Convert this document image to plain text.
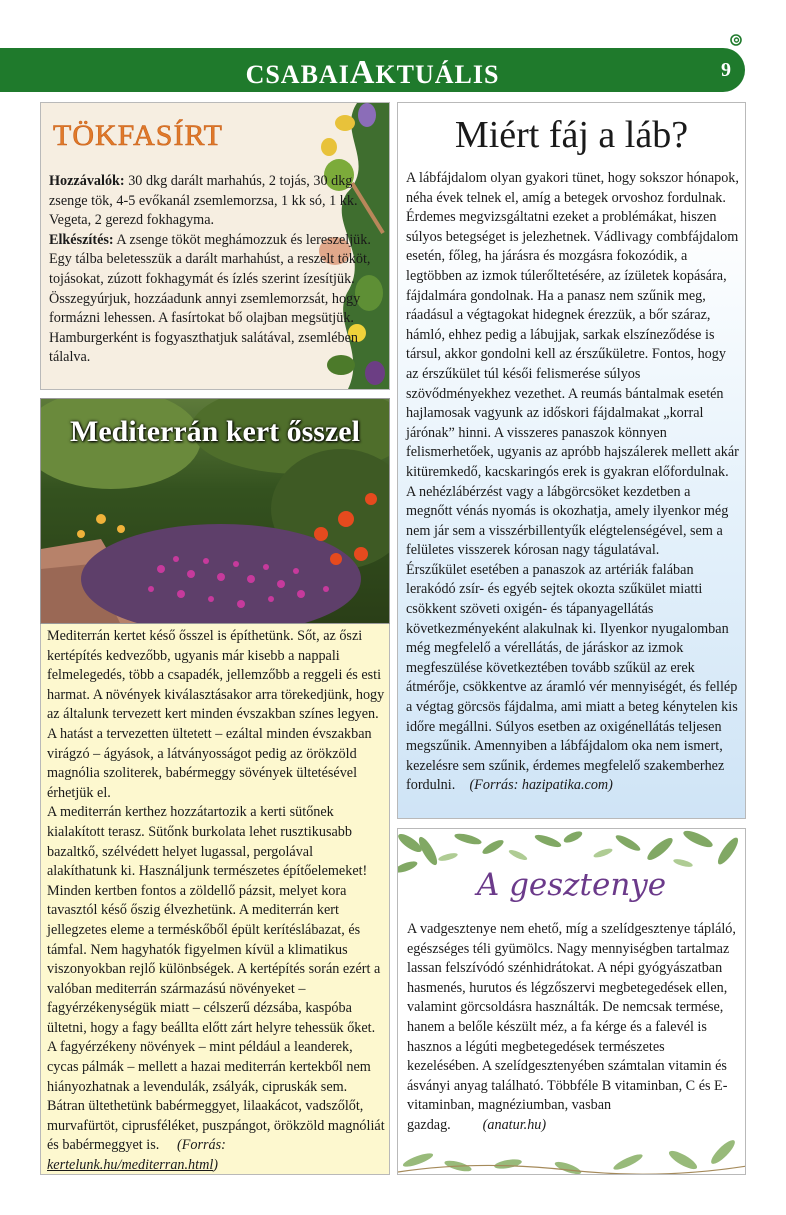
CSABAIAKTUÁLIS	9
TÖKFASÍRT

Hozzávalók: 30 dkg darált marhahús, 2 tojás, 30 dkg zsenge tök, 4-5 evőkanál zsemlemorzsa, 1 kk só, 1 kk. Vegeta, 2 gerezd fokhagyma.

Elkészítés: A zsenge tököt meghámozzuk és lereszeljük. Egy tálba beletesszük a darált marhahúst, a reszelt tököt, tojásokat, zúzott fokhagymát és ízlés szerint ízesítjük. Összegyúrjuk, hozzáadunk annyi zsemlemorzsát, hogy formázni lehessen. A fasírtokat bő olajban megsütjük. Hamburgerként is fogyaszthatjuk salátával, zsemlében tálalva.

Mediterrán kert ősszel

Mediterrán kertet késő ősszel is építhetünk. Sőt, az őszi kertépítés kedvezőbb, ugyanis már kisebb a nappali felmelegedés, több a csapadék, jellemzőbb a reggeli és esti harmat. A növények kiválasztásakor arra törekedjünk, hogy az általunk tervezett kert minden évszakban színes legyen. A hatást a tervezetten ültetett – ezáltal minden évszakban virágzó – ágyások, a látványosságot pedig az örökzöld magnólia szoliterek, babérmeggy sövények ültetésével érhetjük el.

A mediterrán kerthez hozzátartozik a kerti sütőnek kialakított terasz. Sütőnk burkolata lehet rusztikusabb bazaltkő, szélvédett helyet lugassal, pergolával alakíthatunk ki. Használjunk természetes építőelemeket! Minden kertben fontos a zöldellő pázsit, melyet kora tavasztól késő őszig élvezhetünk. A mediterrán kert jellegzetes eleme a terméskőből épült kerítéslábazat, és támfal. Nem hagyhatók figyelmen kívül a klimatikus viszonyokban rejlő különbségek. A kertépítés során ezért a valóban mediterrán származású növényeket – fagyérzékenységük miatt – célszerű dézsába, kaspóba ültetni, hogy a fagy beállta előtt zárt helyre tehessük őket. A fagyérzékeny növények – mint például a leanderek, cycas pálmák – mellett a hazai mediterrán kertekből nem hiányozhatnak a levendulák, zsályák, cipruskák sem. Bátran ültethetünk babérmeggyet, lilaakácot, vadszőlőt, murvafürtöt, ciprusféléket, puszpángot, örökzöld magnóliát és babérmeggyet is. (Forrás: kertelunk.hu/mediterran.html)

Miért fáj a láb?

A lábfájdalom olyan gyakori tünet, hogy sokszor hónapok, néha évek telnek el, amíg a betegek orvoshoz fordulnak. Érdemes megvizsgáltatni ezeket a problémákat, hiszen súlyos betegséget is jelezhetnek. Vádlivagy combfájdalom esetén, főleg, ha járásra és mozgásra fokozódik, a legtöbben az izmok túlerőltetésére, az ízületek kopására, fájdalmára gondolnak. Ha a panasz nem szűnik meg, ráadásul a végtagokat hidegnek érezzük, a bőr száraz, hámló, ehhez pedig a lábujjak, sarkak elszíneződése is társul, akkor gondolni kell az érszűkületre. Fontos, hogy az érszűkület túl késői felismerése súlyos szövődményekhez vezethet. A reumás bántalmak esetén hajlamosak vagyunk az időskori fájdalmakat „korral járónak” hinni. A visszeres panaszok könnyen felismerhetőek, ugyanis az apróbb hajszálerek mellett akár kitüremkedő, kacskaringós erek is gyakran előfordulnak. A nehézlábérzést vagy a lábgörcsöket kezdetben a megnőtt vénás nyomás is okozhatja, amely ilyenkor még nem jár sem a visszérbillentyűk elégtelenségével, sem a felületes visszerek kórosan nagy tágulatával.

Érszűkület esetében a panaszok az artériák falában lerakódó zsír- és egyéb sejtek okozta szűkület miatti csökkent szöveti oxigén- és tápanyagellátás következményeként alakulnak ki. Ilyenkor nyugalomban még megfelelő a vérellátás, de járáskor az izmok megfeszülése következtében tovább szűkül az erek átmérője, csökkentve az áramló vér mennyiségét, és fellép a végtag görcsös fájdalma, ami miatt a beteg kénytelen kis időre megállni. Súlyos esetben az oxigénellátás teljesen megszűnik. Amennyiben a lábfájdalom oka nem ismert, kezelésre sem szűnik, érdemes megfelelő szakemberhez fordulni. (Forrás: hazipatika.com)

A gesztenye

A vadgesztenye nem ehető, míg a szelídgesztenye tápláló, egészséges téli gyümölcs. Nagy mennyiségben tartalmaz lassan felszívódó szénhidrátokat. A népi gyógyászatban hasmenés, hurutos és légzőszervi megbetegedések ellen, valamint görcsoldásra használták. De nemcsak termése, hanem a belőle készült méz, a fa kérge és a falevél is hasznos a légúti megbetegedések természetes kezelésében. A szelídgesztenyében számtalan vitamin és ásványi anyag található. Többféle B vitaminban, C és E-vitaminban, magnéziumban, vasban gazdag. (anatur.hu)
